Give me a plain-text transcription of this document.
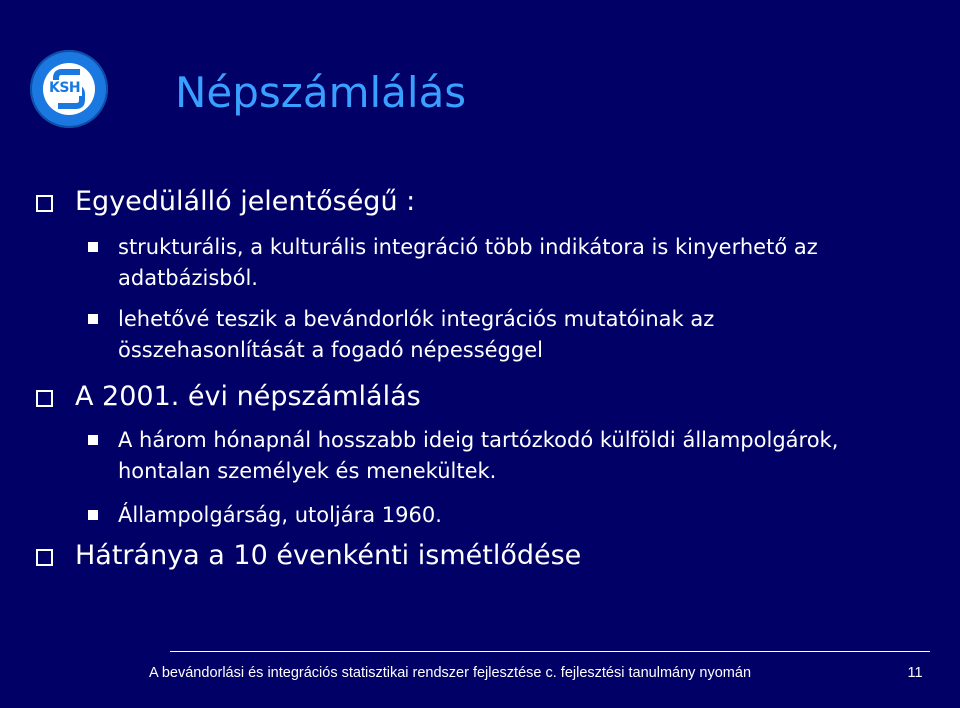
KSH Népszámlálás
Egyedülálló jelentőségű :
strukturális, a kulturális integráció több indikátora is kinyerhető az adatbázisból.
lehetővé teszik a bevándorlók integrációs mutatóinak az összehasonlítását a fogadó népességgel
A 2001. évi népszámlálás
A három hónapnál hosszabb ideig tartózkodó külföldi állampolgárok, hontalan személyek és menekültek.
Állampolgárság, utoljára 1960.
Hátránya a 10 évenkénti ismétlődése
A bevándorlási és integrációs statisztikai rendszer fejlesztése c. fejlesztési tanulmány nyomán	11
